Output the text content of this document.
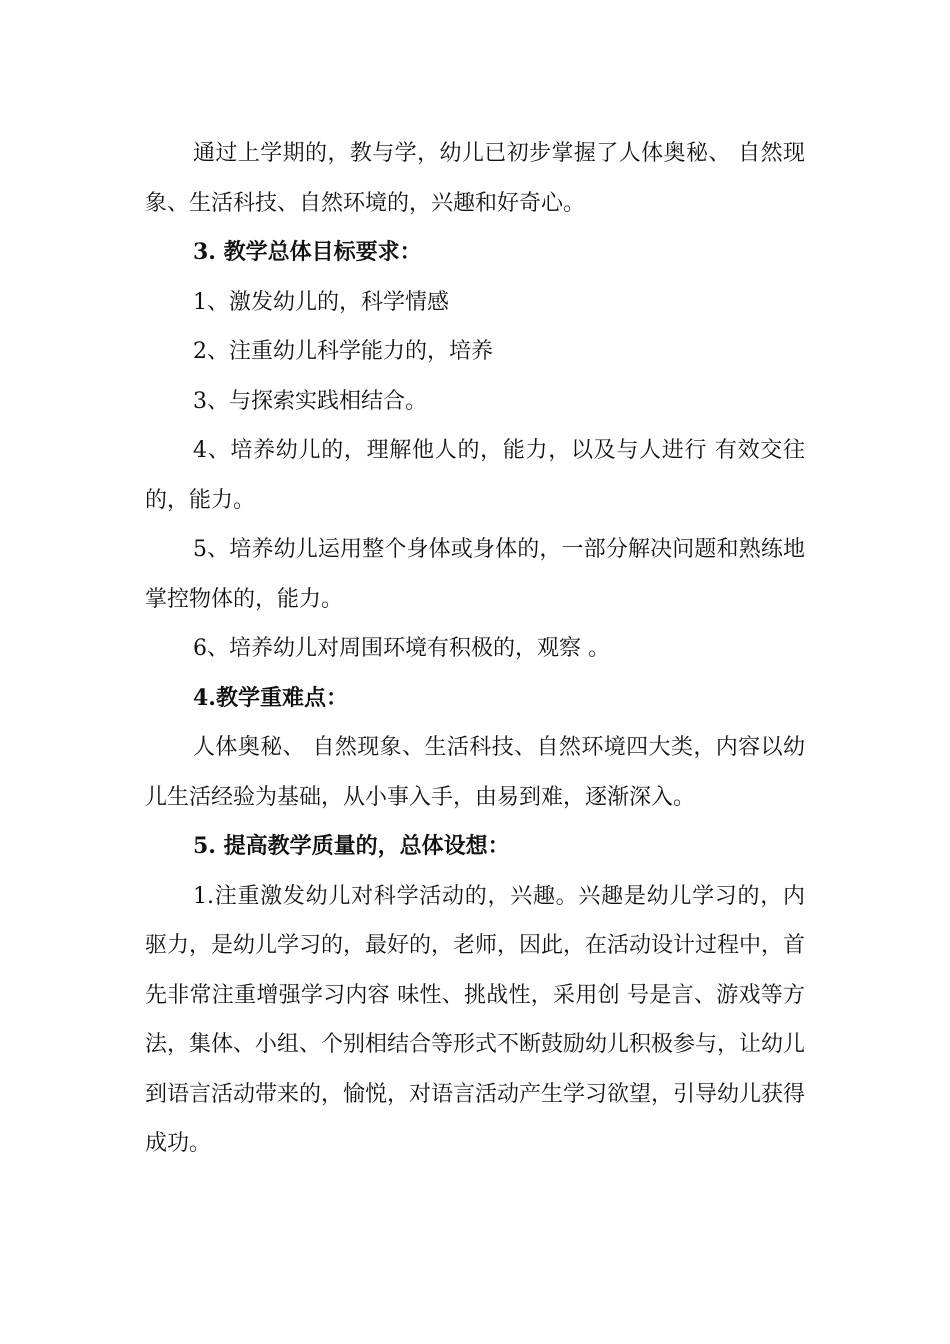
通过上学期的，教与学，幼儿已初步掌握了人体奥秘、 自然现象、生活科技、自然环境的，兴趣和好奇心。

3. 教学总体目标要求：

1、激发幼儿的，科学情感

2、注重幼儿科学能力的，培养

3、与探索实践相结合。

4、培养幼儿的，理解他人的，能力，以及与人进行 有效交往的，能力。

5、培养幼儿运用整个身体或身体的，一部分解决问题和熟练地掌控物体的，能力。

6、培养幼儿对周围环境有积极的，观察 。

4.教学重难点：

人体奥秘、 自然现象、生活科技、自然环境四大类，内容以幼儿生活经验为基础，从小事入手，由易到难，逐渐深入。

5. 提高教学质量的，总体设想：

1.注重激发幼儿对科学活动的，兴趣。兴趣是幼儿学习的，内驱力，是幼儿学习的，最好的，老师，因此，在活动设计过程中，首先非常注重增强学习内容 味性、挑战性，采用创 号是言、游戏等方法，集体、小组、个别相结合等形式不断鼓励幼儿积极参与，让幼儿到语言活动带来的，愉悦，对语言活动产生学习欲望，引导幼儿获得成功。
